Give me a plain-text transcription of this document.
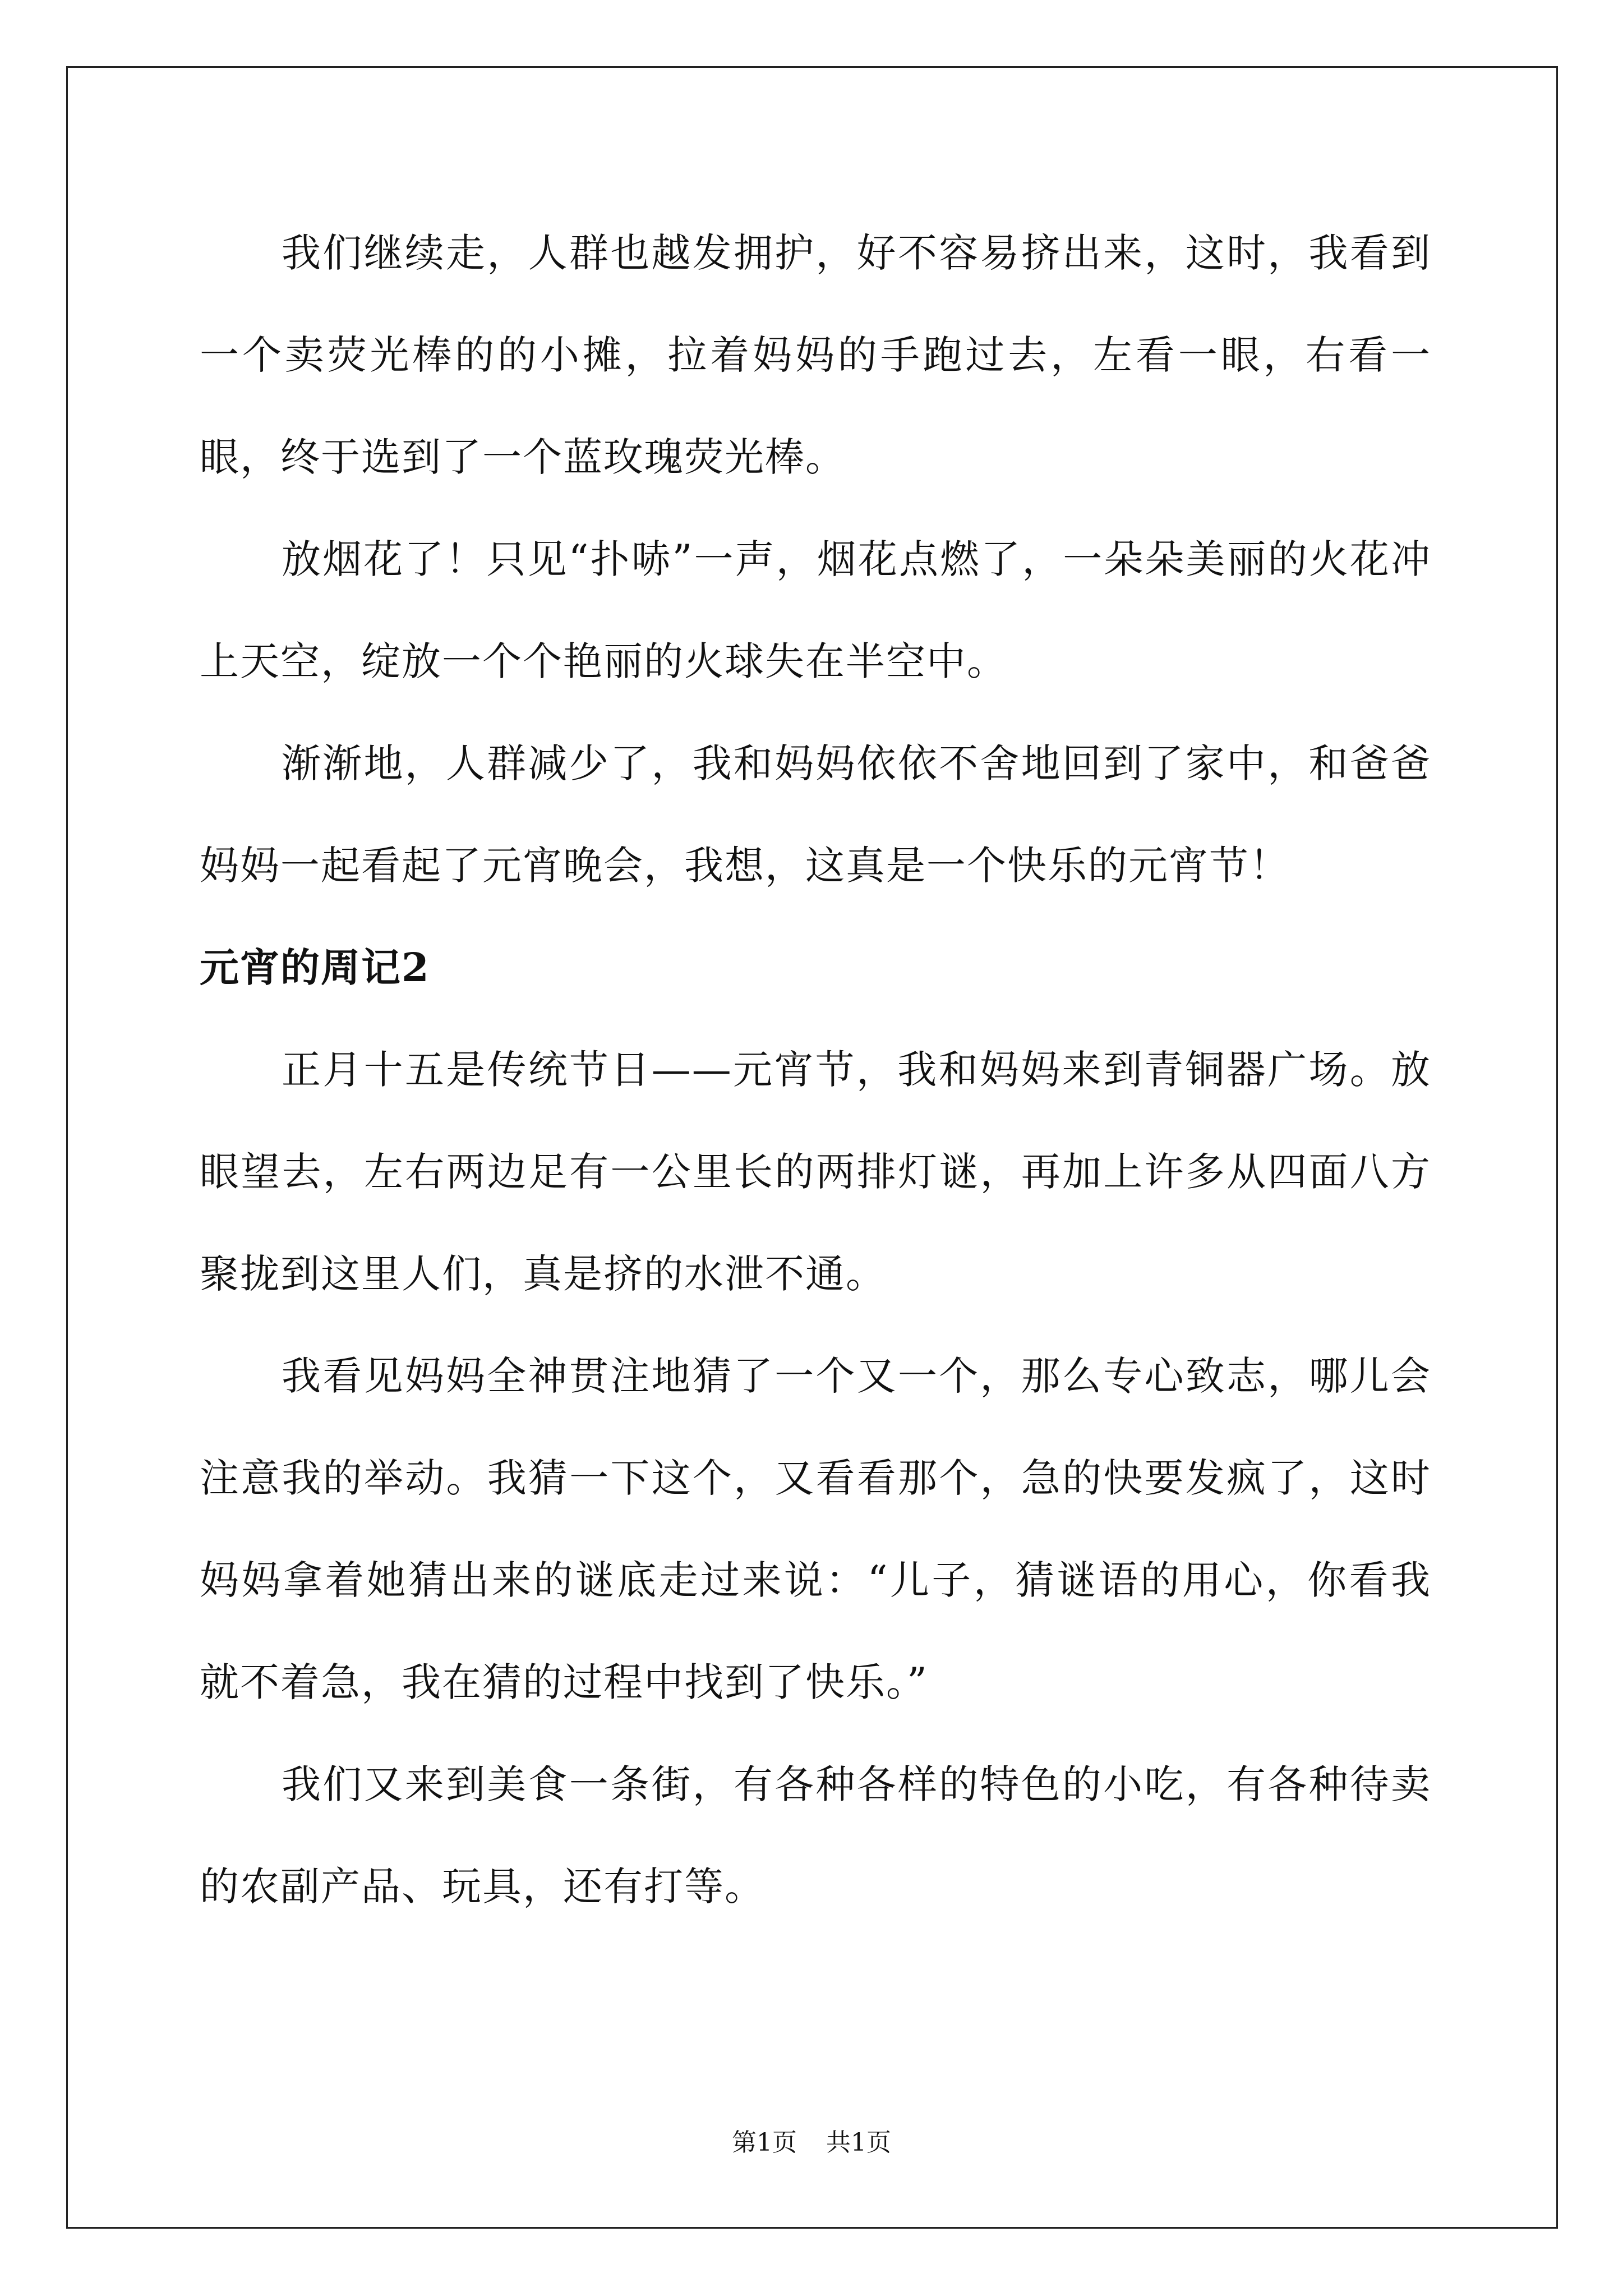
我们继续走，人群也越发拥护，好不容易挤出来，这时，我看到一个卖荧光棒的的小摊，拉着妈妈的手跑过去，左看一眼，右看一眼，终于选到了一个蓝玫瑰荧光棒。

放烟花了！只见“扑哧”一声，烟花点燃了，一朵朵美丽的火花冲上天空，绽放一个个艳丽的火球失在半空中。

渐渐地，人群减少了，我和妈妈依依不舍地回到了家中，和爸爸妈妈一起看起了元宵晚会，我想，这真是一个快乐的元宵节！

元宵的周记2

正月十五是传统节日——元宵节，我和妈妈来到青铜器广场。放眼望去，左右两边足有一公里长的两排灯谜，再加上许多从四面八方聚拢到这里人们，真是挤的水泄不通。

我看见妈妈全神贯注地猜了一个又一个，那么专心致志，哪儿会注意我的举动。我猜一下这个，又看看那个，急的快要发疯了，这时妈妈拿着她猜出来的谜底走过来说：“儿子，猜谜语的用心，你看我就不着急，我在猜的过程中找到了快乐。”

我们又来到美食一条街，有各种各样的特色的小吃，有各种待卖的农副产品、玩具，还有打等。

第1页 共1页
